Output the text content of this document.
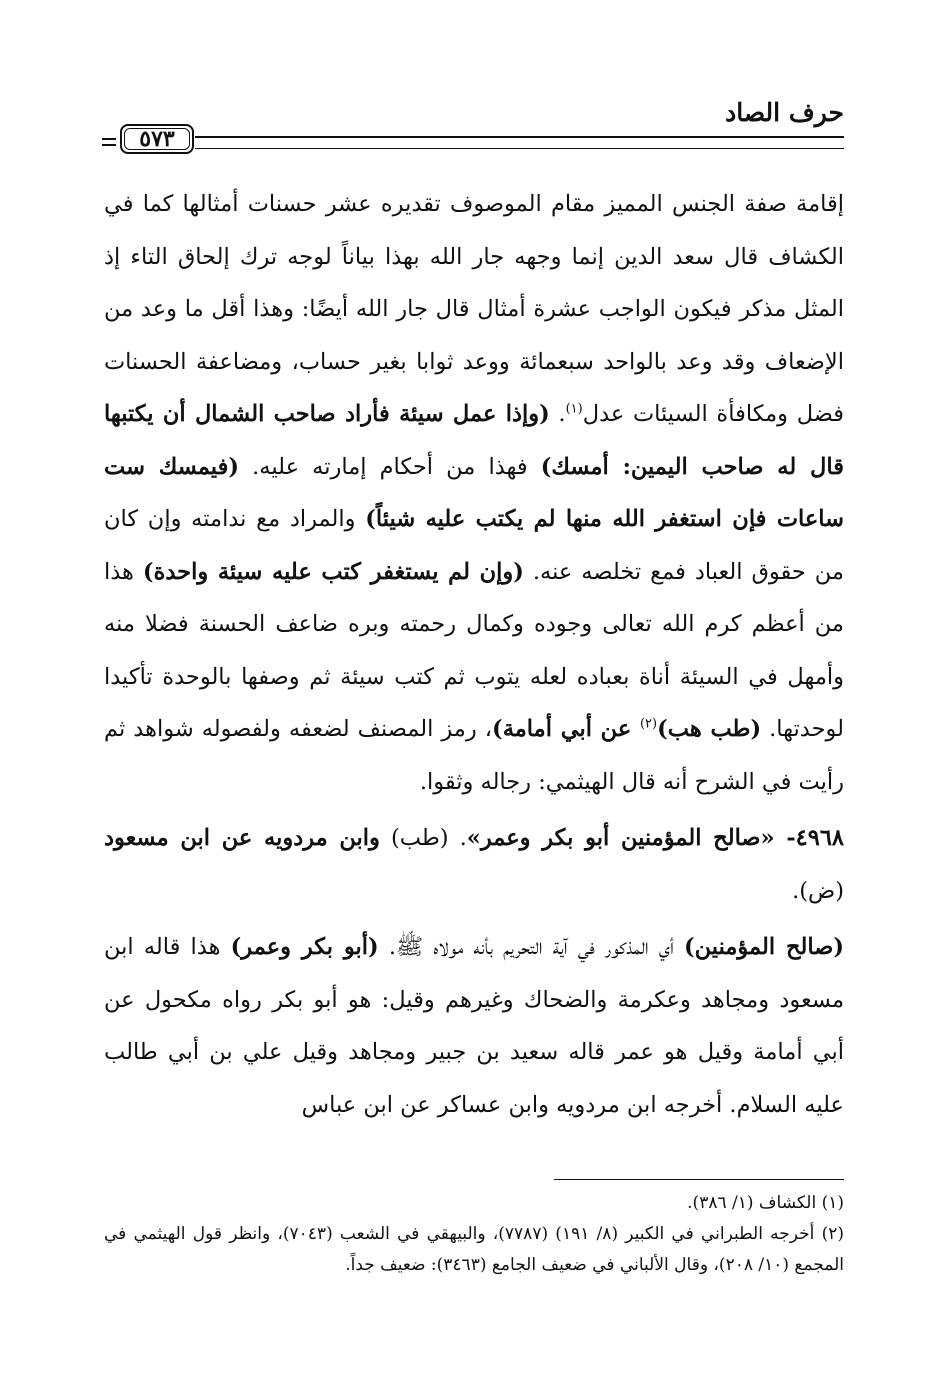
حرف الصاد
٥٧٣

إقامة صفة الجنس المميز مقام الموصوف تقديره عشر حسنات أمثالها كما في الكشاف قال سعد الدين إنما وجهه جار الله بهذا بياناً لوجه ترك إلحاق التاء إذ المثل مذكر فيكون الواجب عشرة أمثال قال جار الله أيضًا: وهذا أقل ما وعد من الإضعاف وقد وعد بالواحد سبعمائة ووعد ثوابا بغير حساب، ومضاعفة الحسنات فضل ومكافأة السيئات عدل$^{(١)}$. (وإذا عمل سيئة فأراد صاحب الشمال أن يكتبها قال له صاحب اليمين: أمسك) فهذا من أحكام إمارته عليه. (فيمسك ست ساعات فإن استغفر الله منها لم يكتب عليه شيئاً) والمراد مع ندامته وإن كان من حقوق العباد فمع تخلصه عنه. (وإن لم يستغفر كتب عليه سيئة واحدة) هذا من أعظم كرم الله تعالى وجوده وكمال رحمته وبره ضاعف الحسنة فضلا منه وأمهل في السيئة أناة بعباده لعله يتوب ثم كتب سيئة ثم وصفها بالوحدة تأكيدا لوحدتها. (طب هب)$^{(٢)}$ عن أبي أمامة)، رمز المصنف لضعفه ولفصوله شواهد ثم رأيت في الشرح أنه قال الهيثمي: رجاله وثقوا.

٤٩٦٨- «صالح المؤمنين أبو بكر وعمر». (طب) وابن مردويه عن ابن مسعود (ض).

(صالح المؤمنين) أي المذكور في آية التحريم بأنه مولاه ﷺ. (أبو بكر وعمر) هذا قاله ابن مسعود ومجاهد وعكرمة والضحاك وغيرهم وقيل: هو أبو بكر رواه مكحول عن أبي أمامة وقيل هو عمر قاله سعيد بن جبير ومجاهد وقيل علي بن أبي طالب عليه السلام. أخرجه ابن مردويه وابن عساكر عن ابن عباس

(١) الكشاف (١/ ٣٨٦).

(٢) أخرجه الطبراني في الكبير (٨/ ١٩١) (٧٧٨٧)، والبيهقي في الشعب (٧٠٤٣)، وانظر قول الهيثمي في المجمع (١٠/ ٢٠٨)، وقال الألباني في ضعيف الجامع (٣٤٦٣): ضعيف جداً.
